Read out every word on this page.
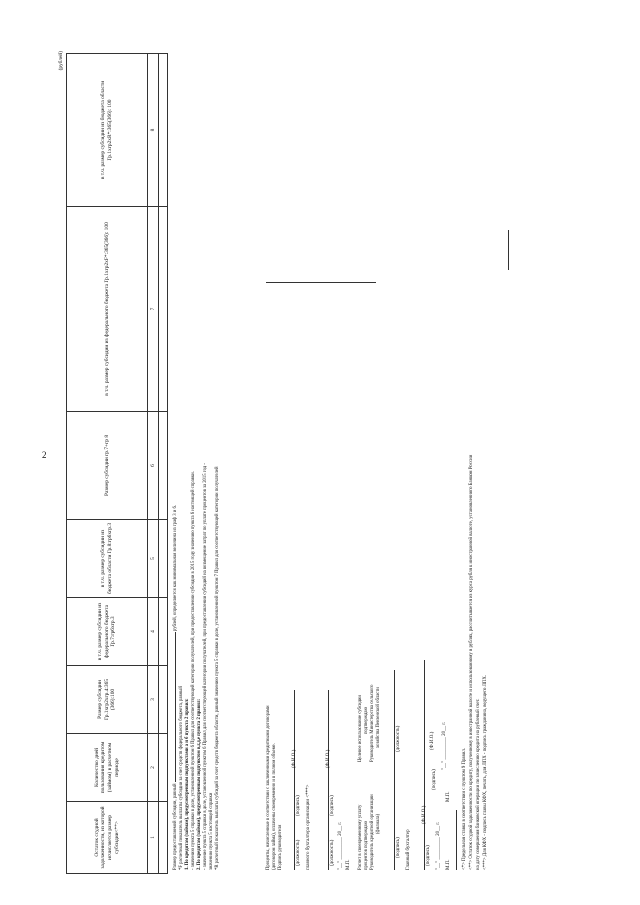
2
(рублей)
Остаток ссудной задолженности, из которой исчисляется размер субсидии<**>	Количество дней пользования кредитом (займом) в расчетном периоде	Размер субсидии Гр.1хгр2хгр.4:365 (366):100	в т.ч. размер субсидии из федерального бюджета Гр.7:гр6хгр.3	в т.ч. размер субсидии из бюджета области Гр.8:гр6хгр.3	Размер субсидии гр.7+гр 8	в т.ч. размер субсидии из федерального бюджета Гр.1хгр2хF*:365(366): 100	в т.ч. размер субсидии из бюджета области Гр.1хгр2хR*:365(366): 100
1	2	3	4	5	6	7	8

Размер предоставляемой субсидии, равный  рублей, определяется как минимальная величина из граф 3 и 6.
*F расчетный показатель выплаты субсидии за счет средств федерального бюджета, равный 1. По кредитам (займам), предусмотренным подпунктами а и б пункта 2 правил: - значению пункта 5 справки в доле, установленной пунктом 6 Правил для соответствующей категории получателей, при предоставлении субсидии в 2015 году значению пункта 6 настоящей справки. 2. По кредитам (займам), предусмотренным подпунктом в,г,д,е пункта 2 правил: - значение пункта 5 справки в доле, установленной пунктом 6 Правил для соответствующей категории получателей, при предоставлении субсидий на возмещение затрат по уплате процентов за 2015 год - значению пункта 5 настоящей справки *R расчетный показатель выплаты субсидий за счет средств бюджета области, равный значению пункта 5 справки в доле, установленной пунктом 7 Правил для соответствующей категории получателей	Проценты, начисленные в соответствии с заключенными кредитными договорами (договором займа), оплачены своевременно и в полном объеме. Подпись руководителя	(должность)
(подпись)
(Ф.И.О.)
главного бухгалтера организации <***>	(должность)
(подпись)
(Ф.И.О.)
"__" _________ 20__ г. М.П. Расчет в своевременному уплату процентов подтверждаю Руководитель кредитной организации (филиала)
Целевое использование субсидии подтверждаю Руководитель Министерства сельского хозяйства Пензенской области
(подпись)
(должность)
Главный бухгалтер	(подпись)
(Ф.И.О.)
(подпись)
(Ф.И.О.)
"__" _________ 20__ г.
"__" _________ 20__ г.
М.П.
М.П. <*> Предельная ставка в соответствии с пунктом 9 Правил. <**> Остаток ссудной задолженности по кредиту, полученному в иностранной валюте и использованному в рублях, рассчитывается из курса рубля к иностранной валюте, установленного Банком России на дату совершения банковской операции по зачислению кредита на рублевый счет. <***> Для КФХ - подпись главы КФХ, печать, для ЛПХ - подпись гражданина, ведущего ЛПХ.
